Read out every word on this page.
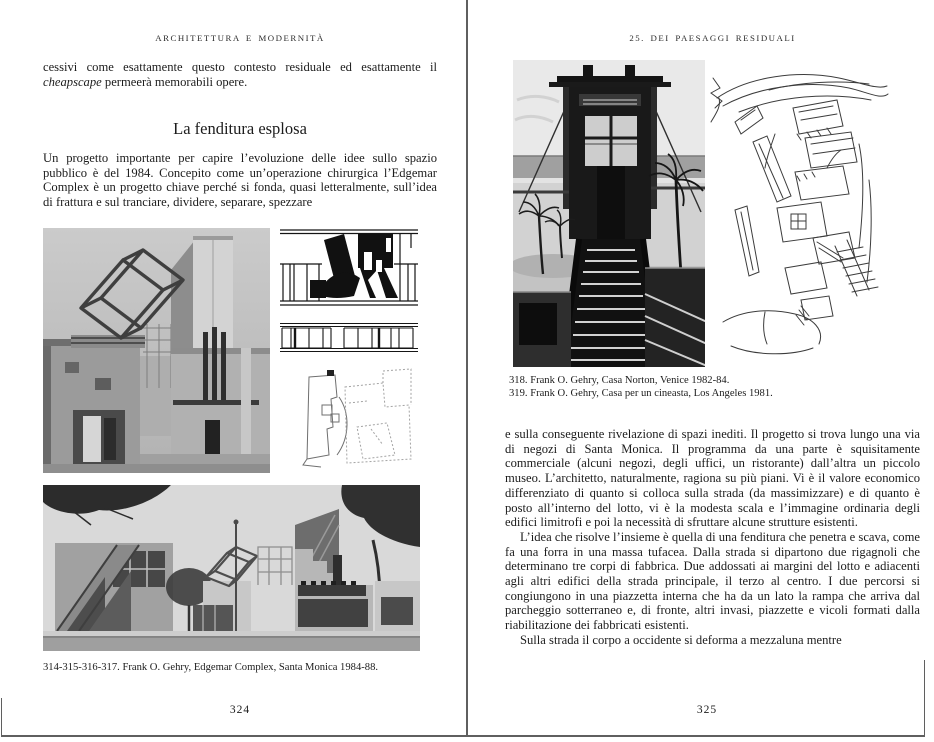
ARCHITETTURA E MODERNITÀ

cessivi come esattamente questo contesto residuale ed esattamente il cheapscape permeerà memorabili opere.

La fenditura esplosa

Un progetto importante per capire l’evoluzione delle idee sullo spazio pubblico è del 1984. Concepito come un’operazione chirurgica l’Edgemar Complex è un progetto chiave perché si fonda, quasi letteralmente, sull’idea di frattura e sul tranciare, dividere, separare, spezzare

314-315-316-317. Frank O. Gehry, Edgemar Complex, Santa Monica 1984-88.

324
25. DEI PAESAGGI RESIDUALI

318. Frank O. Gehry, Casa Norton, Venice 1982-84.

319. Frank O. Gehry, Casa per un cineasta, Los Angeles 1981.

e sulla conseguente rivelazione di spazi inediti. Il progetto si trova lungo una via di negozi di Santa Monica. Il programma da una parte è squisitamente commerciale (alcuni negozi, degli uffici, un ristorante) dall’altra un piccolo museo. L’architetto, naturalmente, ragiona su più piani. Vi è il valore economico differenziato di quanto si colloca sulla strada (da massimizzare) e di quanto è posto all’interno del lotto, vi è la modesta scala e l’immagine ordinaria degli edifici limitrofi e poi la necessità di sfruttare alcune strutture esistenti.

L’idea che risolve l’insieme è quella di una fenditura che penetra e scava, come fa una forra in una massa tufacea. Dalla strada si dipartono due rigagnoli che determinano tre corpi di fabbrica. Due addossati ai margini del lotto e adiacenti agli altri edifici della strada principale, il terzo al centro. I due percorsi si congiungono in una piazzetta interna che ha da un lato la rampa che arriva dal parcheggio sotterraneo e, di fronte, altri invasi, piazzette e vicoli formati dalla riabilitazione dei fabbricati esistenti.

Sulla strada il corpo a occidente si deforma a mezzaluna mentre

325
